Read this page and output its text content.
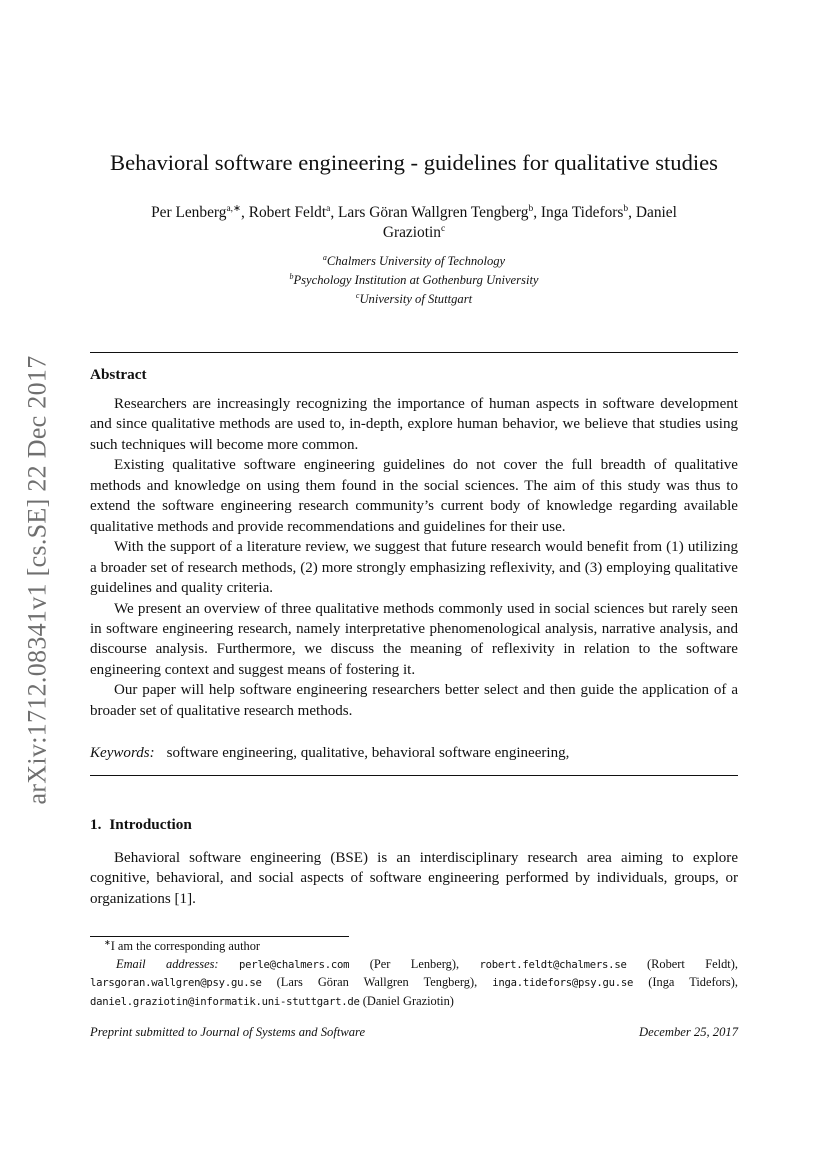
arXiv:1712.08341v1 [cs.SE] 22 Dec 2017
Behavioral software engineering - guidelines for qualitative studies
Per Lenberg$^{a,∗}$, Robert Feldt$^a$, Lars Göran Wallgren Tengberg$^b$, Inga Tidefors$^b$, Daniel
Graziotin$^c$
$^a$Chalmers University of Technology
$^b$Psychology Institution at Gothenburg University
$^c$University of Stuttgart
Abstract

Researchers are increasingly recognizing the importance of human aspects in software development and since qualitative methods are used to, in-depth, explore human behavior, we believe that studies using such techniques will become more common.

Existing qualitative software engineering guidelines do not cover the full breadth of qualitative methods and knowledge on using them found in the social sciences. The aim of this study was thus to extend the software engineering research community’s current body of knowledge regarding available qualitative methods and provide recommendations and guidelines for their use.

With the support of a literature review, we suggest that future research would benefit from (1) utilizing a broader set of research methods, (2) more strongly emphasizing reflexivity, and (3) employing qualitative guidelines and quality criteria.

We present an overview of three qualitative methods commonly used in social sciences but rarely seen in software engineering research, namely interpretative phenomenological analysis, narrative analysis, and discourse analysis. Furthermore, we discuss the meaning of reflexivity in relation to the software engineering context and suggest means of fostering it.

Our paper will help software engineering researchers better select and then guide the application of a broader set of qualitative research methods.

Keywords: software engineering, qualitative, behavioral software engineering,
1. Introduction

Behavioral software engineering (BSE) is an interdisciplinary research area aiming to explore cognitive, behavioral, and social aspects of software engineering performed by individuals, groups, or organizations [1].

∗I am the corresponding author

Email addresses: perle@chalmers.com (Per Lenberg), robert.feldt@chalmers.se (Robert Feldt), larsgoran.wallgren@psy.gu.se (Lars Göran Wallgren Tengberg), inga.tidefors@psy.gu.se (Inga Tidefors), daniel.graziotin@informatik.uni-stuttgart.de (Daniel Graziotin)

Preprint submitted to Journal of Systems and Software	December 25, 2017
